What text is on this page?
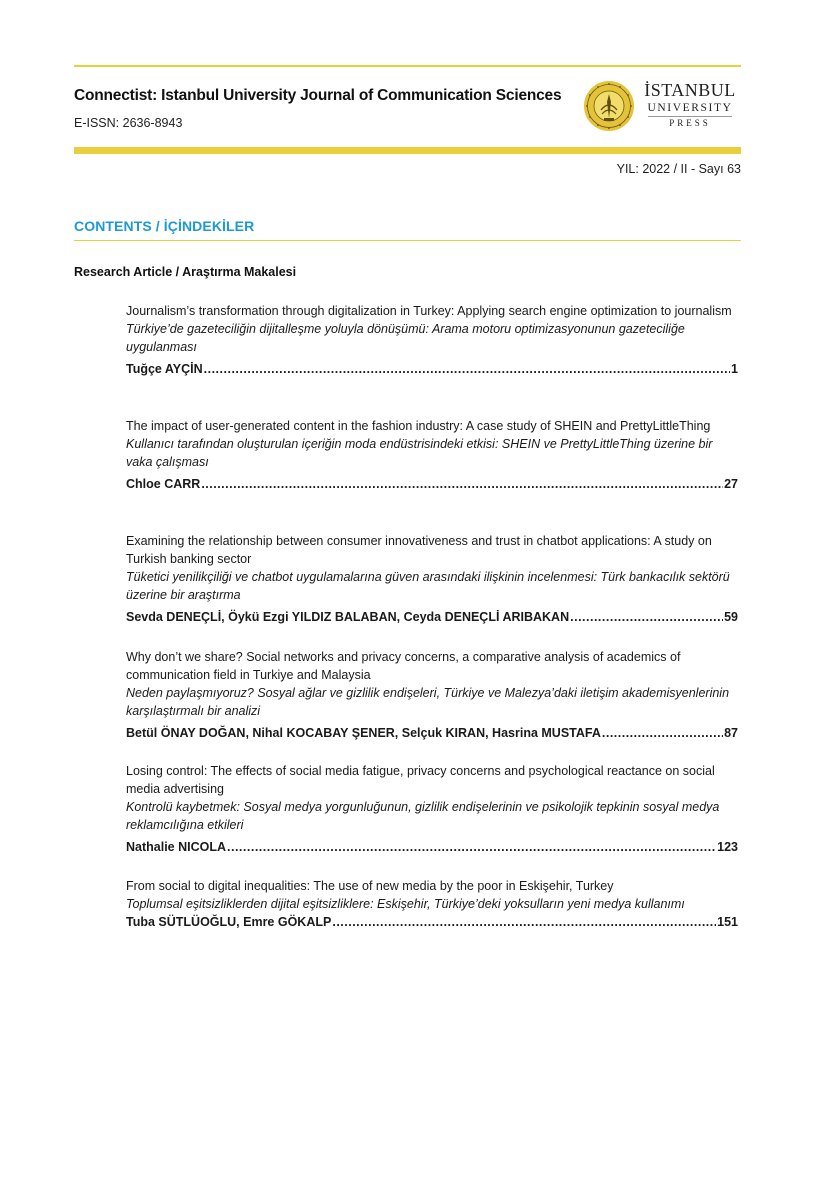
Connectist: Istanbul University Journal of Communication Sciences
E-ISSN: 2636-8943
İSTANBUL
UNIVERSITY
PRESS
YIL: 2022 / II - Sayı 63
CONTENTS / İÇİNDEKİLER
Research Article / Araştırma Makalesi
Journalism’s transformation through digitalization in Turkey: Applying search engine optimization to journalism
Türkiye’de gazeteciliğin dijitalleşme yoluyla dönüşümü: Arama motoru optimizasyonunun gazeteciliğe uygulanması
Tuğçe AYÇİN .....	1
The impact of user-generated content in the fashion industry: A case study of SHEIN and PrettyLittleThing
Kullanıcı tarafından oluşturulan içeriğin moda endüstrisindeki etkisi: SHEIN ve PrettyLittleThing üzerine bir vaka çalışması
Chloe CARR .....	27
Examining the relationship between consumer innovativeness and trust in chatbot applications: A study on Turkish banking sector
Tüketici yenilikçiliği ve chatbot uygulamalarına güven arasındaki ilişkinin incelenmesi: Türk bankacılık sektörü üzerine bir araştırma
Sevda DENEÇLİ, Öykü Ezgi YILDIZ BALABAN, Ceyda DENEÇLİ ARIBAKAN .....	59
Why don’t we share? Social networks and privacy concerns, a comparative analysis of academics of communication field in Turkiye and Malaysia
Neden paylaşmıyoruz? Sosyal ağlar ve gizlilik endişeleri, Türkiye ve Malezya’daki iletişim akademisyenlerinin karşılaştırmalı bir analizi
Betül ÖNAY DOĞAN, Nihal KOCABAY ŞENER, Selçuk KIRAN, Hasrina MUSTAFA .....	87
Losing control: The effects of social media fatigue, privacy concerns and psychological reactance on social media advertising
Kontrolü kaybetmek: Sosyal medya yorgunluğunun, gizlilik endişelerinin ve psikolojik tepkinin sosyal medya reklamcılığına etkileri
Nathalie NICOLA .....	123
From social to digital inequalities: The use of new media by the poor in Eskişehir, Turkey
Toplumsal eşitsizliklerden dijital eşitsizliklere: Eskişehir, Türkiye’deki yoksulların yeni medya kullanımı
Tuba SÜTLÜOĞLU, Emre GÖKALP .....	151
